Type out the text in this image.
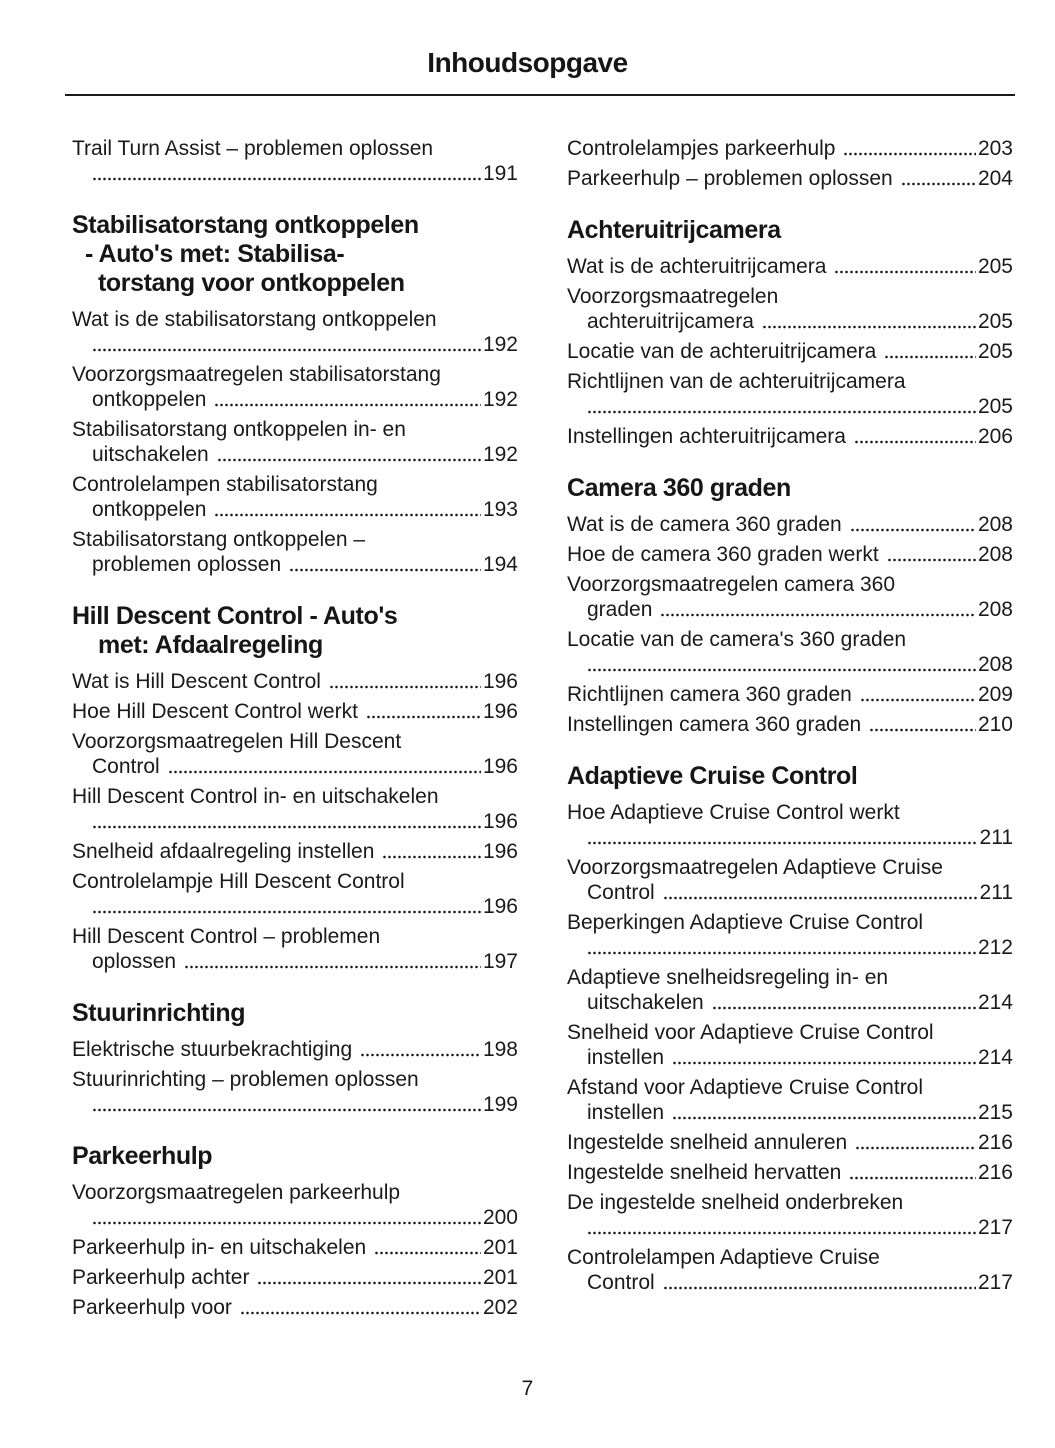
Inhoudsopgave
Trail Turn Assist – problemen oplossen
191
Stabilisatorstang ontkoppelen
- Auto's met: Stabilisa-
torstang voor ontkoppelen
Wat is de stabilisatorstang ontkoppelen
192
Voorzorgsmaatregelen stabilisatorstang
ontkoppelen	192
Stabilisatorstang ontkoppelen in- en
uitschakelen	192
Controlelampen stabilisatorstang
ontkoppelen	193
Stabilisatorstang ontkoppelen –
problemen oplossen	194
Hill Descent Control - Auto's
met: Afdaalregeling
Wat is Hill Descent Control	196
Hoe Hill Descent Control werkt	196
Voorzorgsmaatregelen Hill Descent
Control	196
Hill Descent Control in- en uitschakelen
196
Snelheid afdaalregeling instellen	196
Controlelampje Hill Descent Control
196
Hill Descent Control – problemen
oplossen	197
Stuurinrichting
Elektrische stuurbekrachtiging	198
Stuurinrichting – problemen oplossen
199
Parkeerhulp
Voorzorgsmaatregelen parkeerhulp
200
Parkeerhulp in- en uitschakelen	201
Parkeerhulp achter	201
Parkeerhulp voor	202
Controlelampjes parkeerhulp	203
Parkeerhulp – problemen oplossen	204
Achteruitrijcamera
Wat is de achteruitrijcamera	205
Voorzorgsmaatregelen
achteruitrijcamera	205
Locatie van de achteruitrijcamera	205
Richtlijnen van de achteruitrijcamera
205
Instellingen achteruitrijcamera	206
Camera 360 graden
Wat is de camera 360 graden	208
Hoe de camera 360 graden werkt	208
Voorzorgsmaatregelen camera 360
graden	208
Locatie van de camera's 360 graden
208
Richtlijnen camera 360 graden	209
Instellingen camera 360 graden	210
Adaptieve Cruise Control
Hoe Adaptieve Cruise Control werkt
211
Voorzorgsmaatregelen Adaptieve Cruise
Control	211
Beperkingen Adaptieve Cruise Control
212
Adaptieve snelheidsregeling in- en
uitschakelen	214
Snelheid voor Adaptieve Cruise Control
instellen	214
Afstand voor Adaptieve Cruise Control
instellen	215
Ingestelde snelheid annuleren	216
Ingestelde snelheid hervatten	216
De ingestelde snelheid onderbreken
217
Controlelampen Adaptieve Cruise
Control	217
7
